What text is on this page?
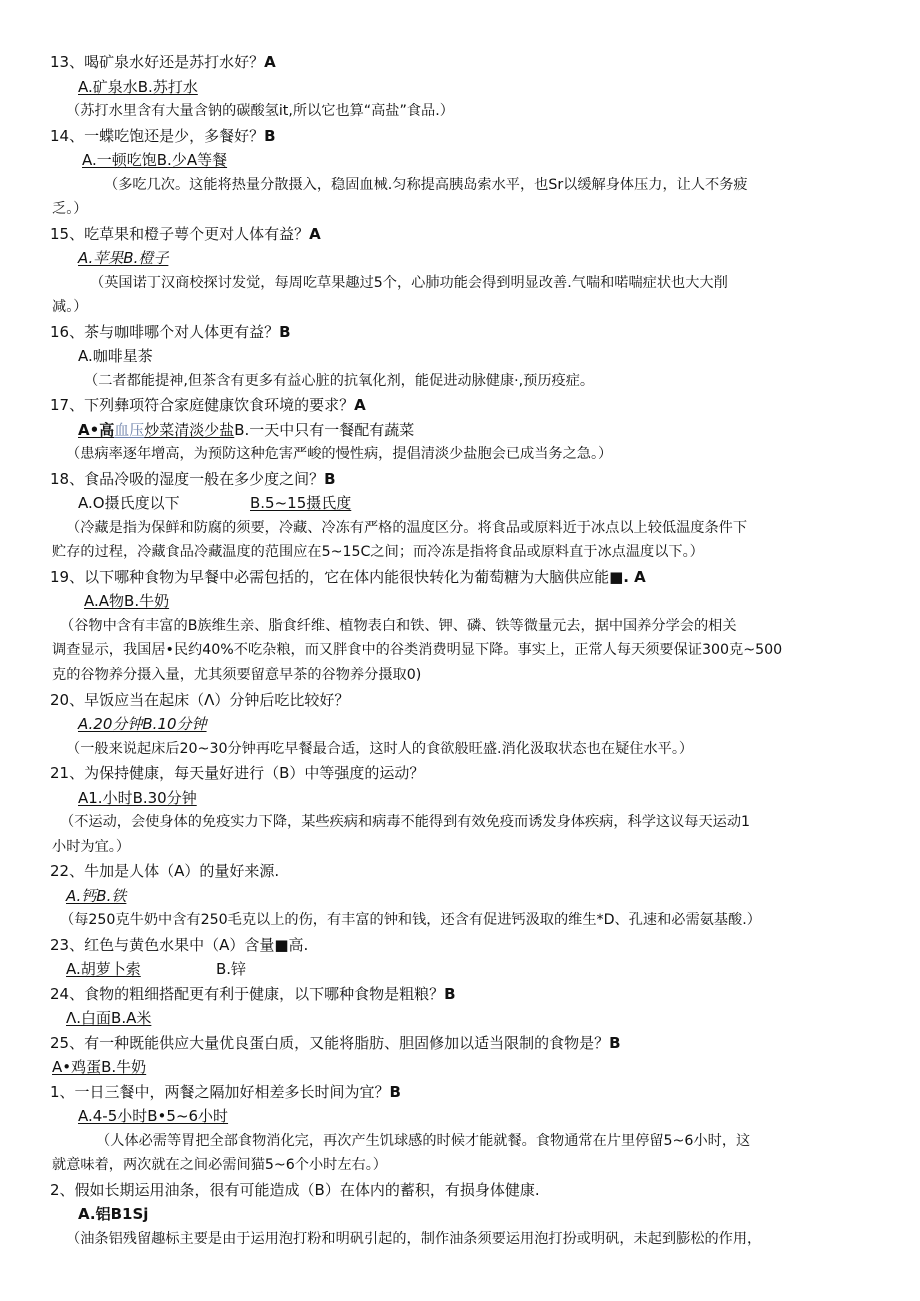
13、喝矿泉水好还是苏打水好？A
A.矿泉水B.苏打水
（苏打水里含有大量含钠的碳酸氢it,所以它也算“高盐”食品.）
14、一蝶吃饱还是少，多餐好？B
A.一顿吃饱B.少A等餐
（多吃几次。这能将热量分散摄入，稳固血械.匀称提高胰岛索水平，也Sr以缓解身体压力，让人不务疲
乏。）
15、吃草果和橙子萼个更对人体有益？A
A.苹果B.橙子
（英国诺丁汉商校探讨发觉，每周吃草果趣过5个，心肺功能会得到明显改善.气喘和喏喘症状也大大削
减。）
16、茶与咖啡哪个对人体更有益？B
A.咖啡星茶
（二者都能提神,但茶含有更多有益心脏的抗氧化剂，能促进动脉健康·,预历疫症。
17、下列彝项符合家庭健康饮食环境的要求？A
A•高血压炒菜清淡少盐B.一天中只有一餐配有蔬菜
（患病率逐年增高，为预防这种危害严峻的慢性病，提倡清淡少盐胞会已成当务之急。）
18、食品冷吸的湿度一般在多少度之间？B
A.O摄氏度以下	B.5~15摄氏度
（冷藏是指为保鲜和防腐的须要，冷藏、冷冻有严格的温度区分。将食品或原料近于冰点以上较低温度条件下
贮存的过程，冷藏食品冷藏温度的范围应在5~15C之间；而冷冻是指将食品或原料直于冰点温度以下。）
19、以下哪种食物为早餐中必需包括的，它在体内能很快转化为葡萄糖为大脑供应能■. A
A.A物B.牛奶
（谷物中含有丰富的B族维生亲、脂食纤维、植物表白和铁、钾、磷、铁等微量元去，据中国养分学会的相关
调查显示，我国居•民约40%不吃杂粮，而又胖食中的谷类消费明显下降。事实上，正常人每天须要保证300克~500
克的谷物养分摄入量，尤其须要留意早茶的谷物养分摄取0)
20、早饭应当在起床（Λ）分钟后吃比较好？
A.20分钟B.10分钟
（一般来说起床后20~30分钟再吃早餐最合适，这时人的食欲般旺盛.消化汲取状态也在疑住水平。）
21、为保持健康，每天量好进行（B）中等强度的运动？
A1.小时B.30分钟
（不运动，会使身体的免疫实力下降，某些疾病和病毒不能得到有效免疫而诱发身体疾病，科学这议每天运动1
小时为宜。）
22、牛加是人体（A）的量好来源.
A.钙B.铁
（每250克牛奶中含有250毛克以上的伤，有丰富的钟和钱，还含有促进钙汲取的维生*D、孔速和必需氨基酸.）
23、红色与黄色水果中（A）含量■高.
A.胡萝卜索	B.锌
24、食物的粗细搭配更有利于健康，以下哪种食物是粗粮？B
Λ.白面B.A米
25、有一种既能供应大量优良蛋白质，又能将脂肪、胆固修加以适当限制的食物是？B
A•鸡蛋B.牛奶
1、一日三餐中，两餐之隔加好相差多长时间为宜？B
A.4-5小时B•5~6小时
（人体必需等胃把全部食物消化完，再次产生饥球感的时候才能就餐。食物通常在片里停留5~6小时，这
就意味着，两次就在之间必需间猫5~6个小时左右。）
2、假如长期运用油条，很有可能造成（B）在体内的蓄积，有损身体健康.
A.铝B1Sj
（油条铝残留趣标主要是由于运用泡打粉和明矾引起的，制作油条须要运用泡打扮或明矾，未起到膨松的作用，
